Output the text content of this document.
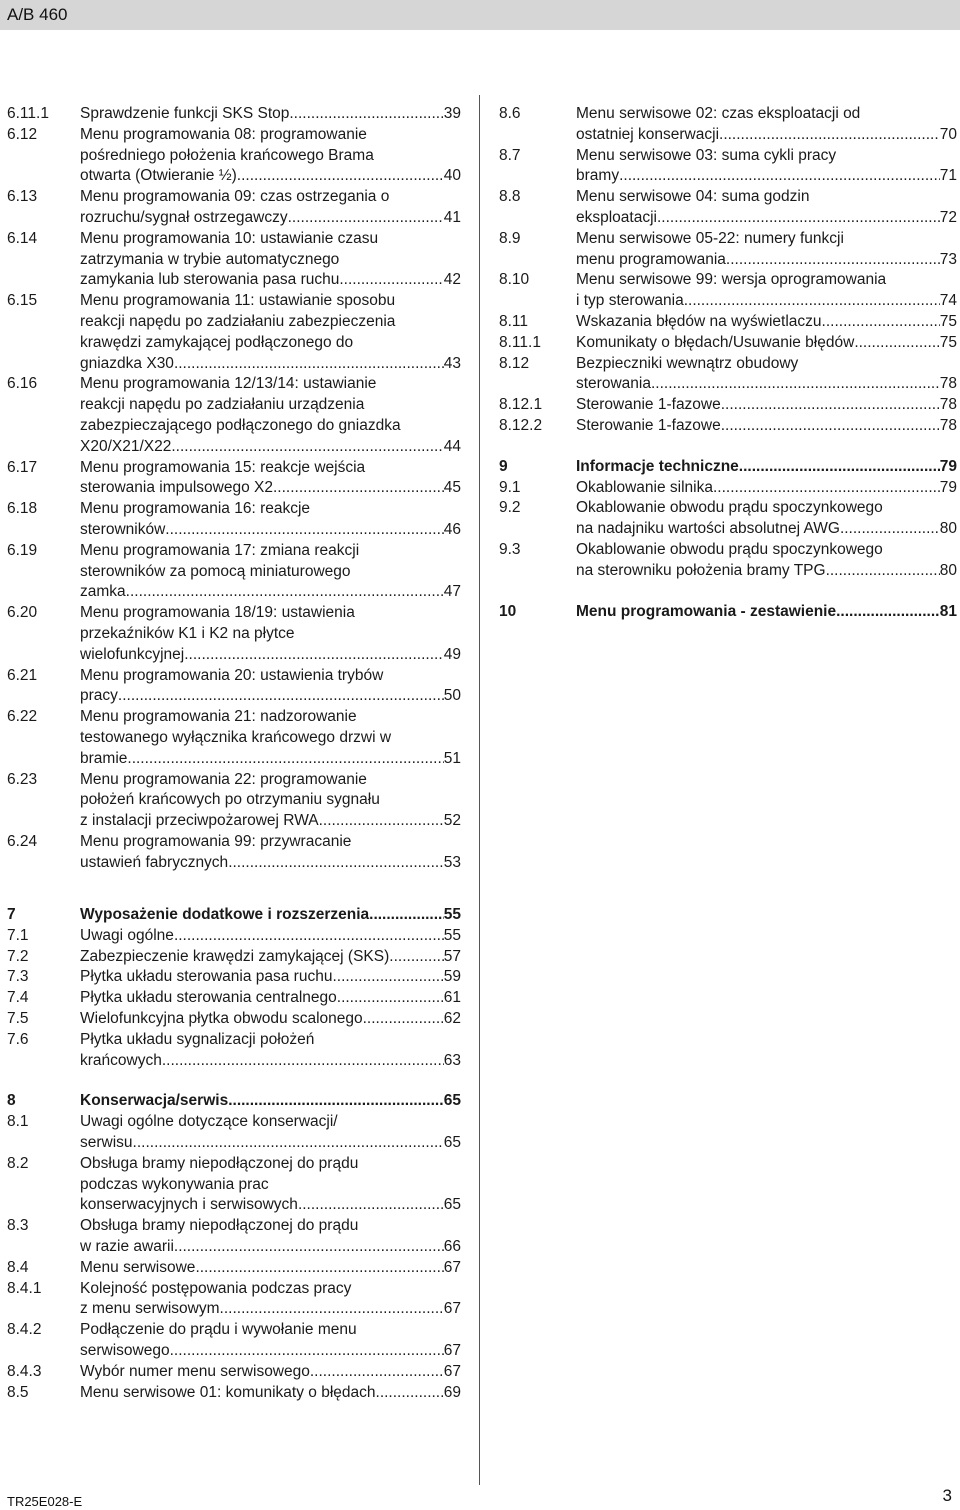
A/B 460
6.11.1	Sprawdzenie funkcji SKS Stop .....	39
6.12	Menu programowania 08: programowanie
pośredniego położenia krańcowego Brama
otwarta (Otwieranie ½) .....	40
6.13	Menu programowania 09: czas ostrzegania o
rozruchu/sygnał ostrzegawczy .....	41
6.14	Menu programowania 10: ustawianie czasu
zatrzymania w trybie automatycznego
zamykania lub sterowania pasa ruchu .....	42
6.15	Menu programowania 11: ustawianie sposobu
reakcji napędu po zadziałaniu zabezpieczenia
krawędzi zamykającej podłączonego do
gniazdka X30 .....	43
6.16	Menu programowania 12/13/14: ustawianie
reakcji napędu po zadziałaniu urządzenia
zabezpieczającego podłączonego do gniazdka
X20/X21/X22 .....	44
6.17	Menu programowania 15: reakcje wejścia
sterowania impulsowego X2 .....	45
6.18	Menu programowania 16: reakcje
sterowników .....	46
6.19	Menu programowania 17: zmiana reakcji
sterowników za pomocą miniaturowego
zamka .....	47
6.20	Menu programowania 18/19: ustawienia
przekaźników K1 i K2 na płytce
wielofunkcyjnej .....	49
6.21	Menu programowania 20: ustawienia trybów
pracy .....	50
6.22	Menu programowania 21: nadzorowanie
testowanego wyłącznika krańcowego drzwi w
bramie .....	51
6.23	Menu programowania 22: programowanie
położeń krańcowych po otrzymaniu sygnału
z instalacji przeciwpożarowej RWA .....	52
6.24	Menu programowania 99: przywracanie
ustawień fabrycznych .....	53
7	Wyposażenie dodatkowe i rozszerzenia .....	55
7.1	Uwagi ogólne .....	55
7.2	Zabezpieczenie krawędzi zamykającej (SKS) .....	57
7.3	Płytka układu sterowania pasa ruchu .....	59
7.4	Płytka układu sterowania centralnego .....	61
7.5	Wielofunkcyjna płytka obwodu scalonego .....	62
7.6	Płytka układu sygnalizacji położeń
krańcowych .....	63
8	Konserwacja/serwis .....	65
8.1	Uwagi ogólne dotyczące konserwacji/
serwisu .....	65
8.2	Obsługa bramy niepodłączonej do prądu
podczas wykonywania prac
konserwacyjnych i serwisowych .....	65
8.3	Obsługa bramy niepodłączonej do prądu
w razie awarii .....	66
8.4	Menu serwisowe .....	67
8.4.1	Kolejność postępowania podczas pracy
z menu serwisowym .....	67
8.4.2	Podłączenie do prądu i wywołanie menu
serwisowego .....	67
8.4.3	Wybór numer menu serwisowego .....	67
8.5	Menu serwisowe 01: komunikaty o błędach .....	69
8.6	Menu serwisowe 02: czas eksploatacji od
ostatniej konserwacji .....	70
8.7	Menu serwisowe 03: suma cykli pracy
bramy .....	71
8.8	Menu serwisowe 04: suma godzin
eksploatacji .....	72
8.9	Menu serwisowe 05-22: numery funkcji
menu programowania .....	73
8.10	Menu serwisowe 99: wersja oprogramowania
i typ sterowania .....	74
8.11	Wskazania błędów na wyświetlaczu .....	75
8.11.1	Komunikaty o błędach/Usuwanie błędów .....	75
8.12	Bezpieczniki wewnątrz obudowy
sterowania .....	78
8.12.1	Sterowanie 1-fazowe .....	78
8.12.2	Sterowanie 1-fazowe .....	78
9	Informacje techniczne .....	79
9.1	Okablowanie silnika .....	79
9.2	Okablowanie obwodu prądu spoczynkowego
na nadajniku wartości absolutnej AWG .....	80
9.3	Okablowanie obwodu prądu spoczynkowego
na sterowniku położenia bramy TPG .....	80
10	Menu programowania - zestawienie .....	81
TR25E028-E	3
